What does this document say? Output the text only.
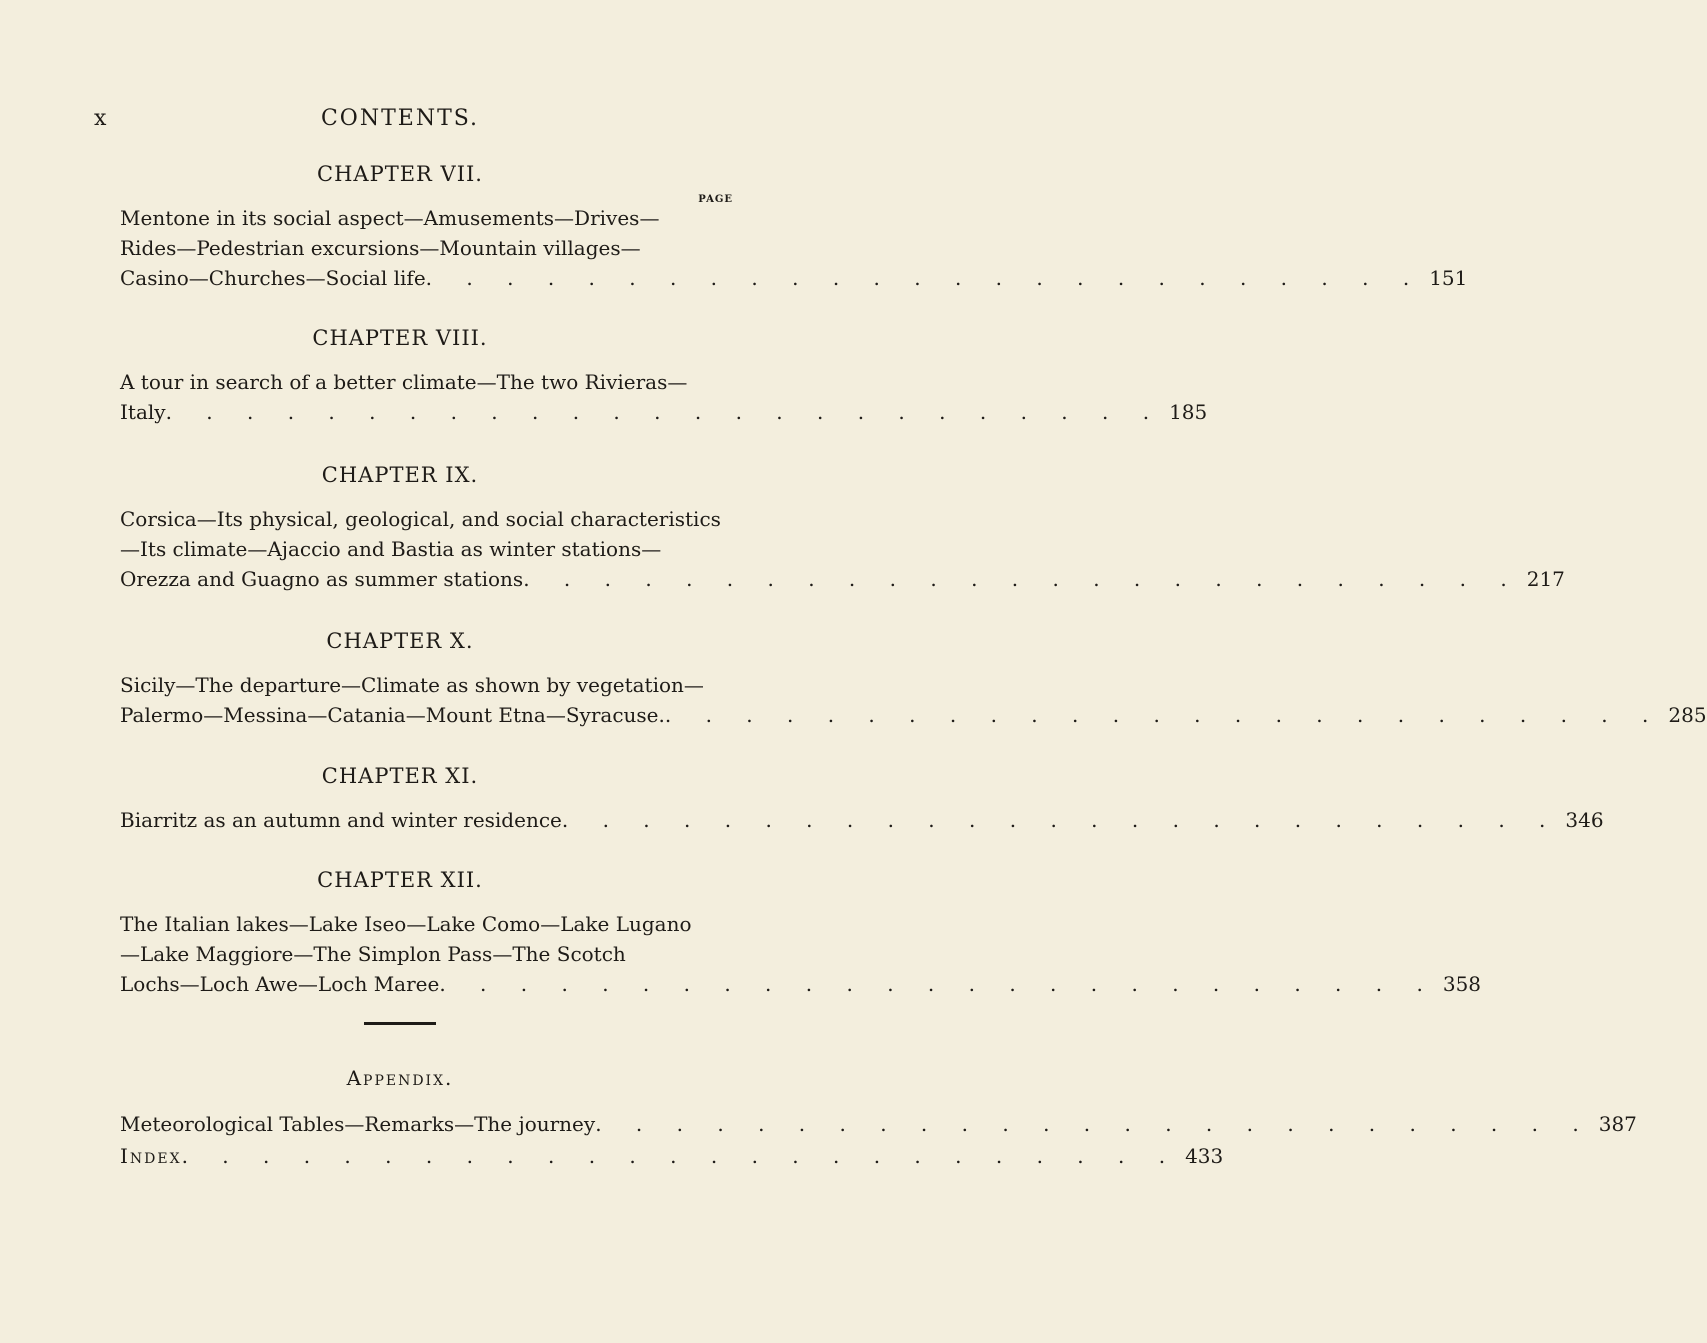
x	CONTENTS.
CHAPTER VII.
PAGE
Mentone in its social aspect—Amusements—Drives—
Rides—Pedestrian excursions—Mountain villages—
Casino—Churches—Social life . . . . . . . . . . . . . . . . . . . . . . . . . 151
CHAPTER VIII.
A tour in search of a better climate—The two Rivieras—
Italy . . . . . . . . . . . . . . . . . . . . . . . . . 185
CHAPTER IX.
Corsica—Its physical, geological, and social characteristics
—Its climate—Ajaccio and Bastia as winter stations—
Orezza and Guagno as summer stations . . . . . . . . . . . . . . . . . . . . . . . . . 217
CHAPTER X.
Sicily—The departure—Climate as shown by vegetation—
Palermo—Messina—Catania—Mount Etna—Syracuse. . . . . . . . . . . . . . . . . . . . . . . . . . 285
CHAPTER XI.
Biarritz as an autumn and winter residence . . . . . . . . . . . . . . . . . . . . . . . . . 346
CHAPTER XII.
The Italian lakes—Lake Iseo—Lake Como—Lake Lugano
—Lake Maggiore—The Simplon Pass—The Scotch
Lochs—Loch Awe—Loch Maree . . . . . . . . . . . . . . . . . . . . . . . . . 358
Appendix.
Meteorological Tables—Remarks—The journey . . . . . . . . . . . . . . . . . . . . . . . . . 387
Index . . . . . . . . . . . . . . . . . . . . . . . . . 433
